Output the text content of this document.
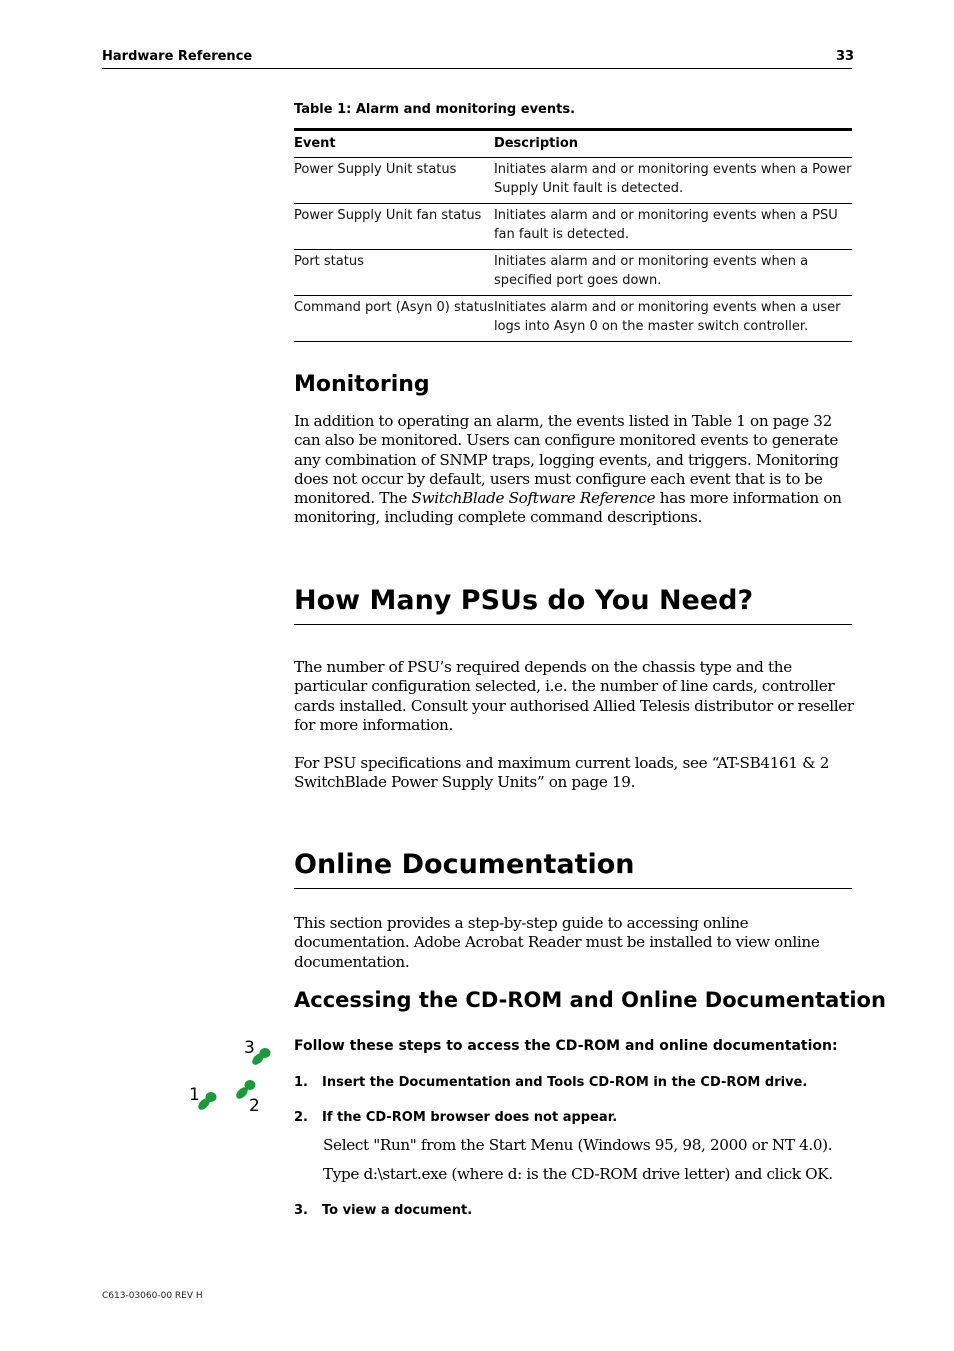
Hardware Reference	33
Table 1: Alarm and monitoring events.
Event	Description
Power Supply Unit status	Initiates alarm and or monitoring events when a Power Supply Unit fault is detected.
Power Supply Unit fan status	Initiates alarm and or monitoring events when a PSU fan fault is detected.
Port status	Initiates alarm and or monitoring events when a specified port goes down.
Command port (Asyn 0) status	Initiates alarm and or monitoring events when a user logs into Asyn 0 on the master switch controller.
Monitoring
In addition to operating an alarm, the events listed in Table 1 on page 32 can also be monitored. Users can configure monitored events to generate any combination of SNMP traps, logging events, and triggers. Monitoring does not occur by default, users must configure each event that is to be monitored. The SwitchBlade Software Reference has more information on monitoring, including complete command descriptions.
How Many PSUs do You Need?
The number of PSU’s required depends on the chassis type and the particular configuration selected, i.e. the number of line cards, controller cards installed. Consult your authorised Allied Telesis distributor or reseller for more information.
For PSU specifications and maximum current loads, see “AT-SB4161 & 2 SwitchBlade Power Supply Units” on page 19.
Online Documentation
This section provides a step-by-step guide to accessing online documentation. Adobe Acrobat Reader must be installed to view online documentation.
Accessing the CD-ROM and Online Documentation
3
1
2
Follow these steps to access the CD-ROM and online documentation:
1. Insert the Documentation and Tools CD-ROM in the CD-ROM drive.
2. If the CD-ROM browser does not appear.
Select "Run" from the Start Menu (Windows 95, 98, 2000 or NT 4.0).
Type d:\start.exe (where d: is the CD-ROM drive letter) and click OK.
3. To view a document.
C613-03060-00 REV H
